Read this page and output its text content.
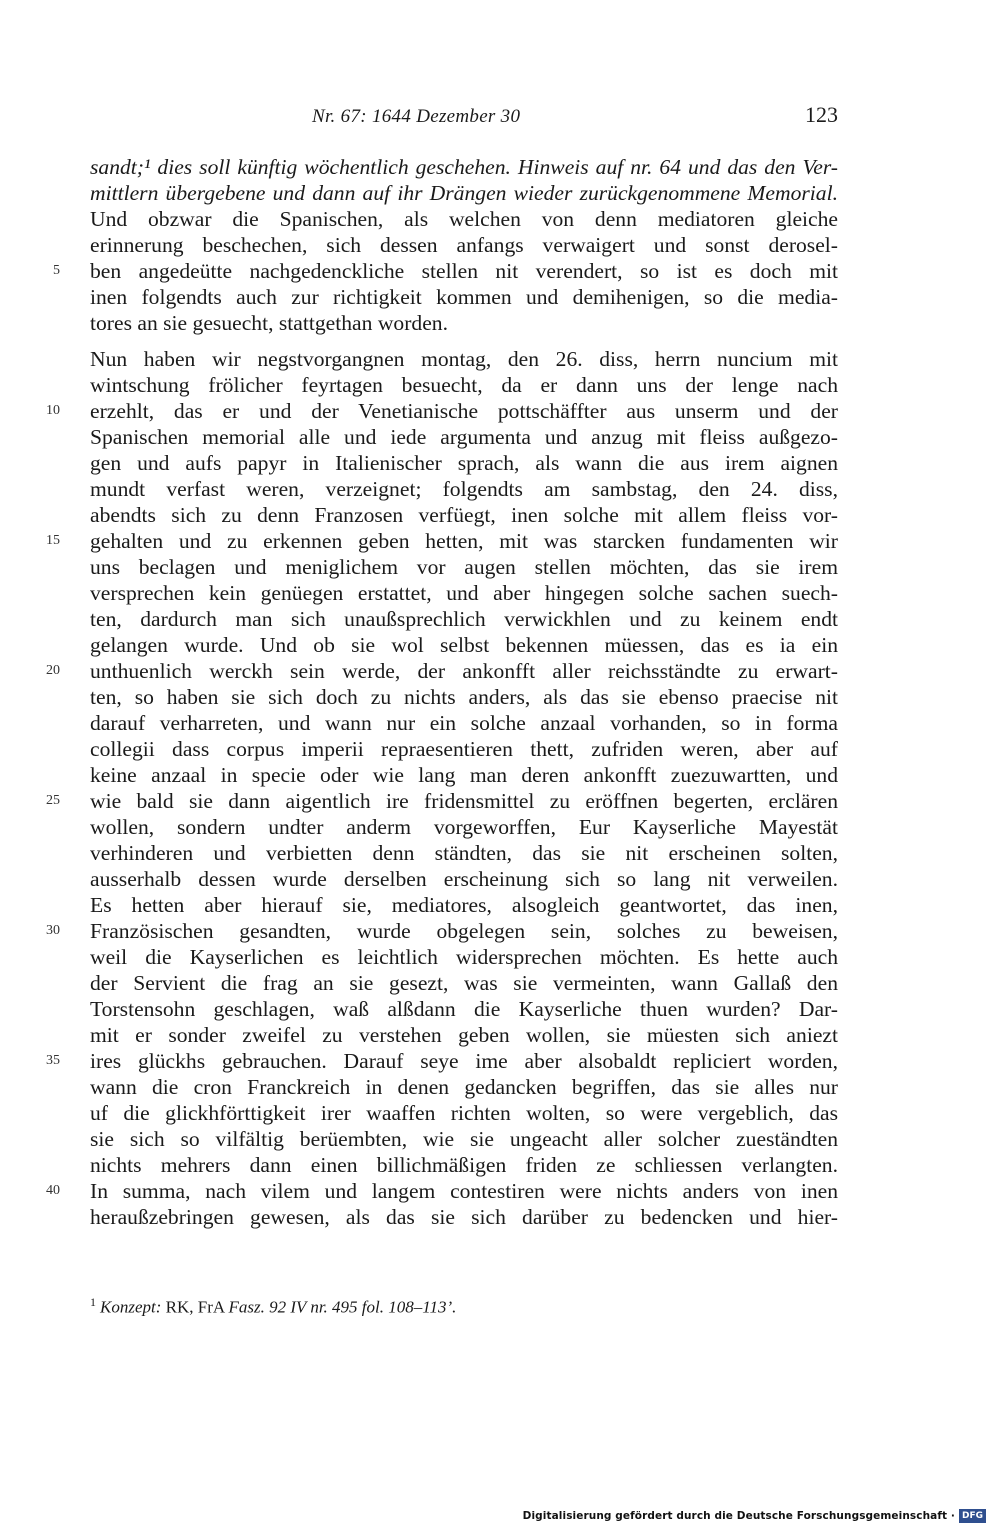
Nr. 67: 1644 Dezember 30	123
sandt;¹ dies soll künftig wöchentlich geschehen. Hinweis auf nr. 64 und das den Ver-
mittlern übergebene und dann auf ihr Drängen wieder zurückgenommene Memorial.
Und obzwar die Spanischen, als welchen von denn mediatoren gleiche
erinnerung beschechen, sich dessen anfangs verwaigert und sonst derosel-
ben angedeütte nachgedenckliche stellen nit verendert, so ist es doch mit
5
inen folgendts auch zur richtigkeit kommen und demihenigen, so die media-
tores an sie gesuecht, stattgethan worden.
Nun haben wir negstvorgangnen montag, den 26. diss, herrn nuncium mit
wintschung frölicher feyrtagen besuecht, da er dann uns der lenge nach
erzehlt, das er und der Venetianische pottschäffter aus unserm und der
10
Spanischen memorial alle und iede argumenta und anzug mit fleiss außgezo-
gen und aufs papyr in Italienischer sprach, als wann die aus irem aignen
mundt verfast weren, verzeignet; folgendts am sambstag, den 24. diss,
abendts sich zu denn Franzosen verfüegt, inen solche mit allem fleiss vor-
gehalten und zu erkennen geben hetten, mit was starcken fundamenten wir
15
uns beclagen und meniglichem vor augen stellen möchten, das sie irem
versprechen kein genüegen erstattet, und aber hingegen solche sachen suech-
ten, dardurch man sich unaußsprechlich verwickhlen und zu keinem endt
gelangen wurde. Und ob sie wol selbst bekennen müessen, das es ia ein
unthuenlich werckh sein werde, der ankonfft aller reichsständte zu erwart-
20
ten, so haben sie sich doch zu nichts anders, als das sie ebenso praecise nit
darauf verharreten, und wann nur ein solche anzaal vorhanden, so in forma
collegii dass corpus imperii repraesentieren thett, zufriden weren, aber auf
keine anzaal in specie oder wie lang man deren ankonfft zuezuwartten, und
wie bald sie dann aigentlich ire fridensmittel zu eröffnen begerten, erclären
25
wollen, sondern undter anderm vorgeworffen, Eur Kayserliche Mayestät
verhinderen und verbietten denn ständten, das sie nit erscheinen solten,
ausserhalb dessen wurde derselben erscheinung sich so lang nit verweilen.
Es hetten aber hierauf sie, mediatores, alsogleich geantwortet, das inen,
Französischen gesandten, wurde obgelegen sein, solches zu beweisen,
30
weil die Kayserlichen es leichtlich widersprechen möchten. Es hette auch
der Servient die frag an sie gesezt, was sie vermeinten, wann Gallaß den
Torstensohn geschlagen, waß alßdann die Kayserliche thuen wurden? Dar-
mit er sonder zweifel zu verstehen geben wollen, sie müesten sich aniezt
ires glückhs gebrauchen. Darauf seye ime aber alsobaldt repliciert worden,
35
wann die cron Franckreich in denen gedancken begriffen, das sie alles nur
uf die glickhförttigkeit irer waaffen richten wolten, so were vergeblich, das
sie sich so vilfältig berüembten, wie sie ungeacht aller solcher zueständten
nichts mehrers dann einen billichmäßigen friden ze schliessen verlangten.
In summa, nach vilem und langem contestiren were nichts anders von inen
40
heraußzebringen gewesen, als das sie sich darüber zu bedencken und hier-
$^1$ Konzept: RK, FrA Fasz. 92 IV nr. 495 fol. 108–113’.
Digitalisierung gefördert durch die Deutsche Forschungsgemeinschaft · DFG
